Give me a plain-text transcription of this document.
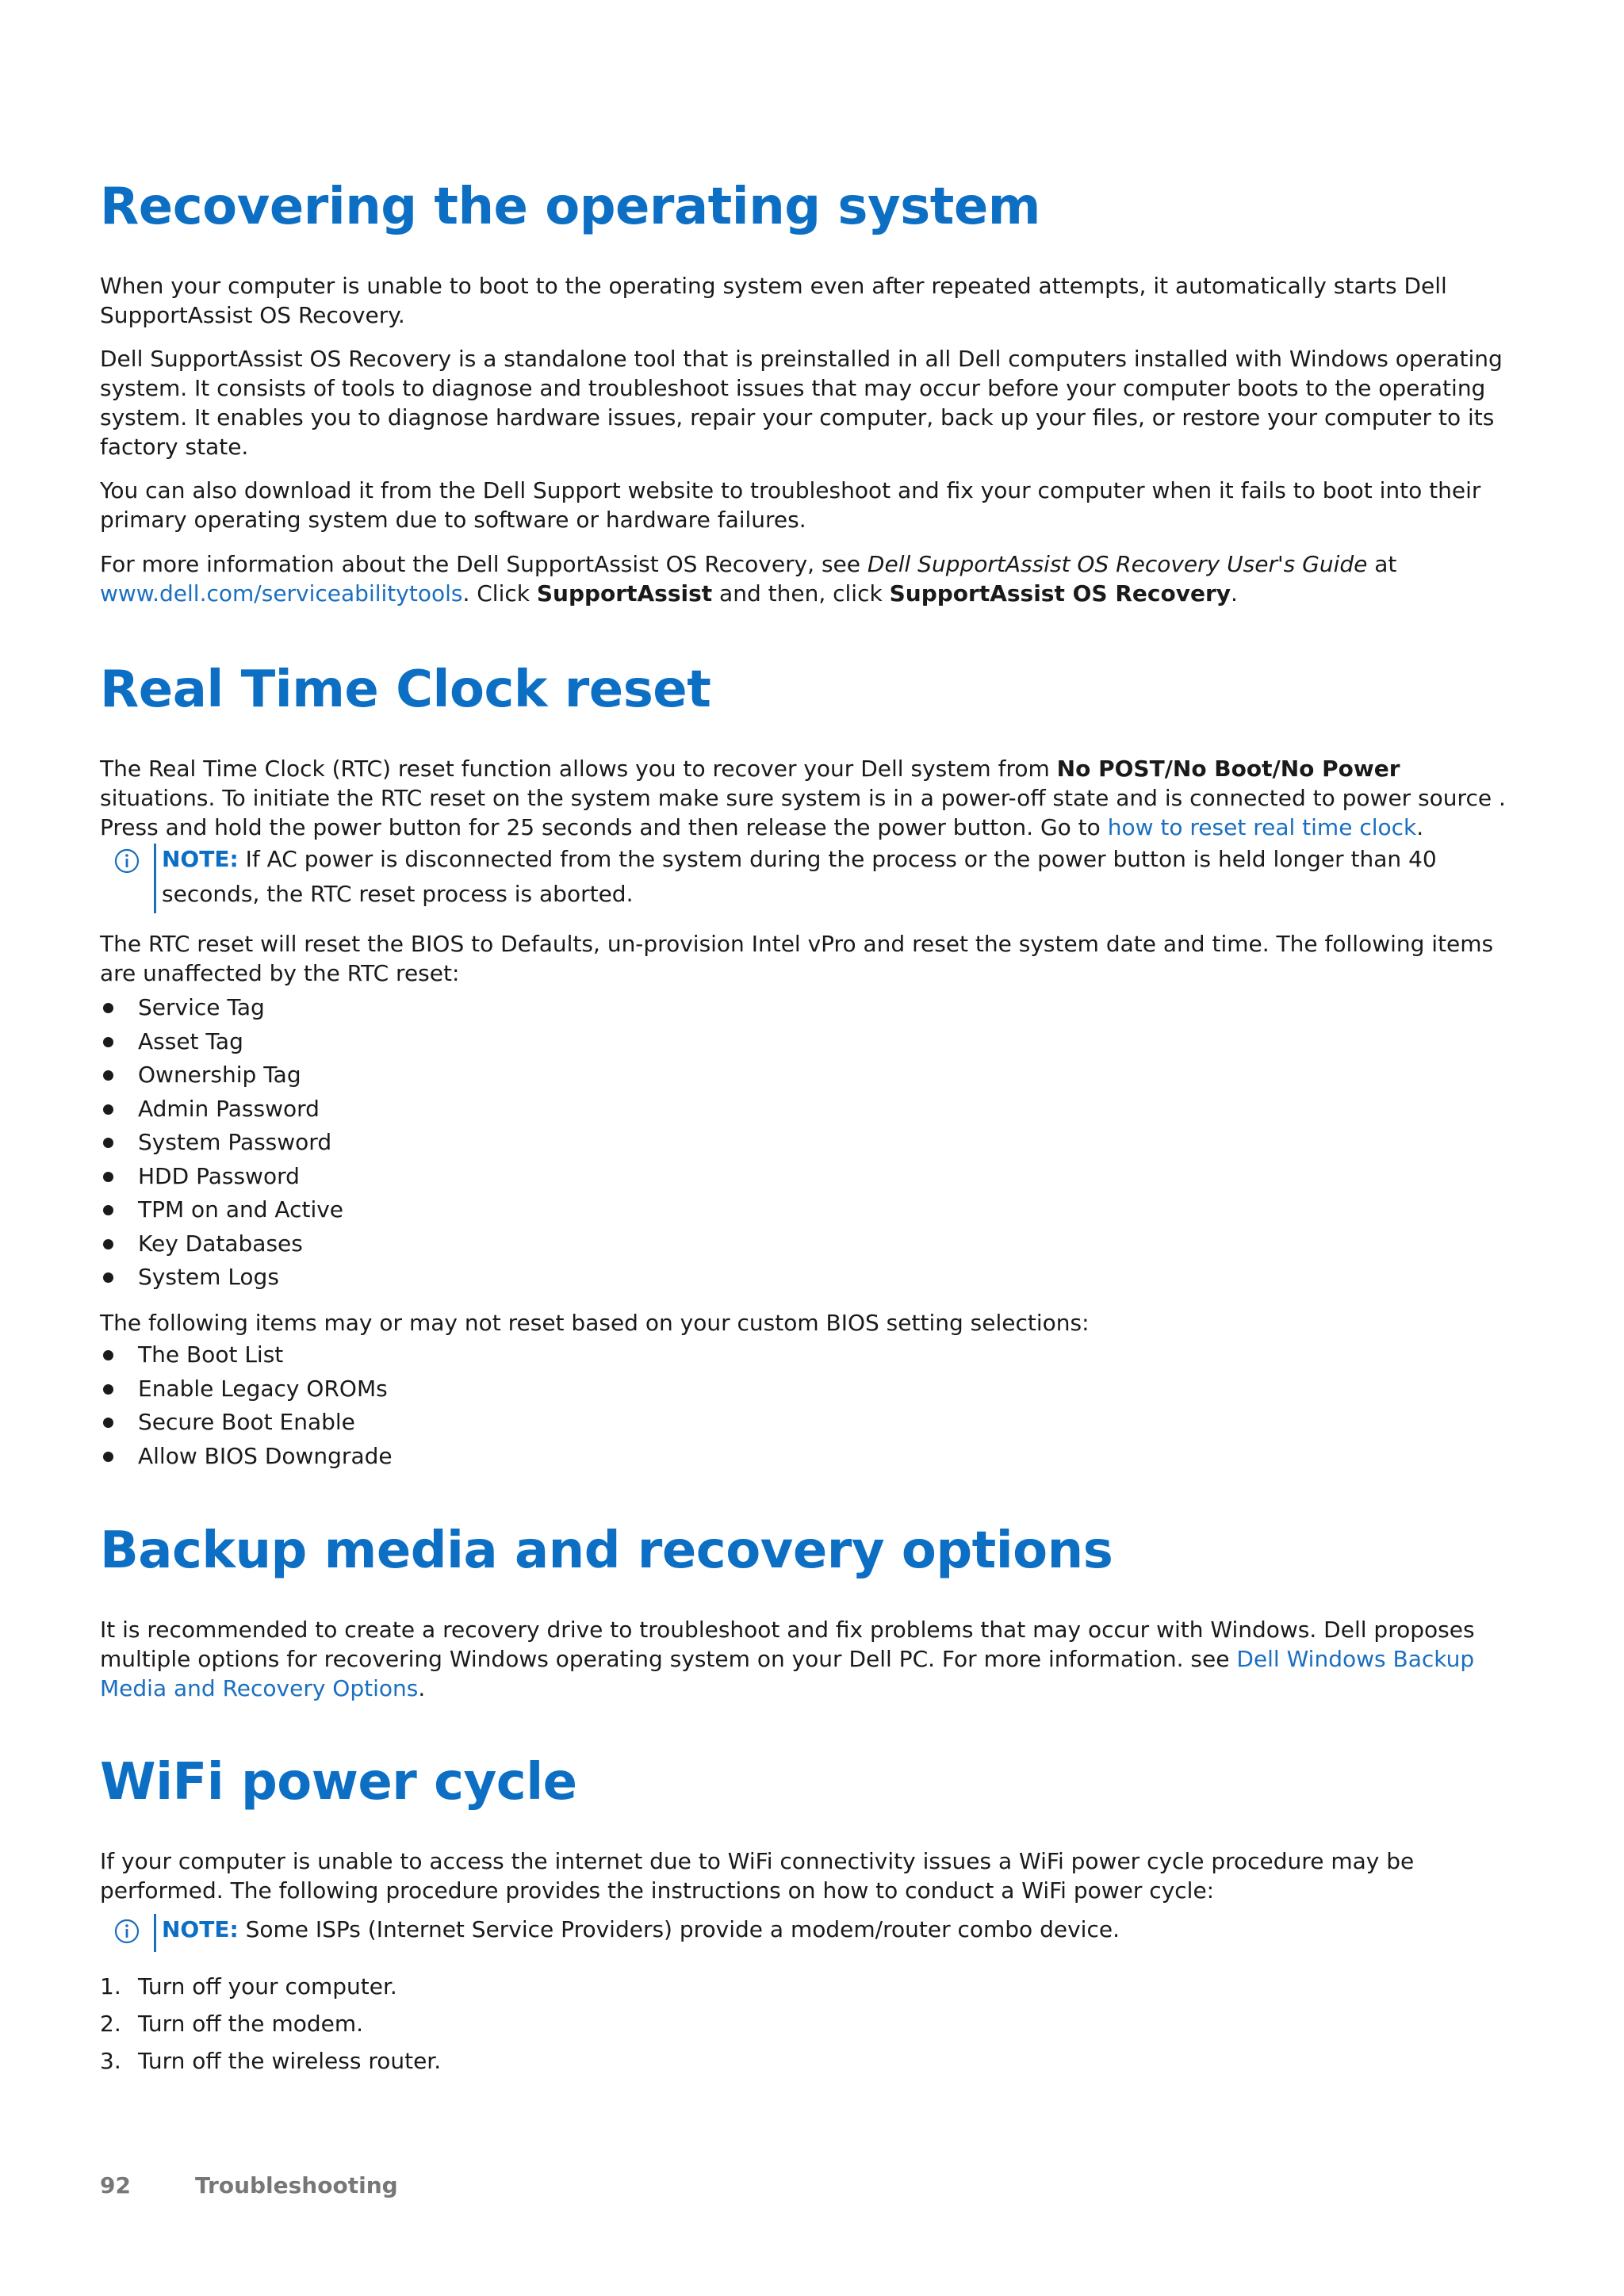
Recovering the operating system

When your computer is unable to boot to the operating system even after repeated attempts, it automatically starts Dell SupportAssist OS Recovery.

Dell SupportAssist OS Recovery is a standalone tool that is preinstalled in all Dell computers installed with Windows operating system. It consists of tools to diagnose and troubleshoot issues that may occur before your computer boots to the operating system. It enables you to diagnose hardware issues, repair your computer, back up your files, or restore your computer to its factory state.

You can also download it from the Dell Support website to troubleshoot and fix your computer when it fails to boot into their primary operating system due to software or hardware failures.

For more information about the Dell SupportAssist OS Recovery, see Dell SupportAssist OS Recovery User's Guide at www.dell.com/serviceabilitytools. Click SupportAssist and then, click SupportAssist OS Recovery.

Real Time Clock reset

The Real Time Clock (RTC) reset function allows you to recover your Dell system from No POST/No Boot/No Power situations. To initiate the RTC reset on the system make sure system is in a power-off state and is connected to power source . Press and hold the power button for 25 seconds and then release the power button. Go to how to reset real time clock.

NOTE: If AC power is disconnected from the system during the process or the power button is held longer than 40 seconds, the RTC reset process is aborted.

The RTC reset will reset the BIOS to Defaults, un-provision Intel vPro and reset the system date and time. The following items are unaffected by the RTC reset:

Service Tag
Asset Tag
Ownership Tag
Admin Password
System Password
HDD Password
TPM on and Active
Key Databases
System Logs

The following items may or may not reset based on your custom BIOS setting selections:

The Boot List
Enable Legacy OROMs
Secure Boot Enable
Allow BIOS Downgrade
Backup media and recovery options

It is recommended to create a recovery drive to troubleshoot and fix problems that may occur with Windows. Dell proposes multiple options for recovering Windows operating system on your Dell PC. For more information. see Dell Windows Backup Media and Recovery Options.

WiFi power cycle

If your computer is unable to access the internet due to WiFi connectivity issues a WiFi power cycle procedure may be performed. The following procedure provides the instructions on how to conduct a WiFi power cycle:

NOTE: Some ISPs (Internet Service Providers) provide a modem/router combo device.
1. Turn off your computer.
2. Turn off the modem.
3. Turn off the wireless router.
92	Troubleshooting
